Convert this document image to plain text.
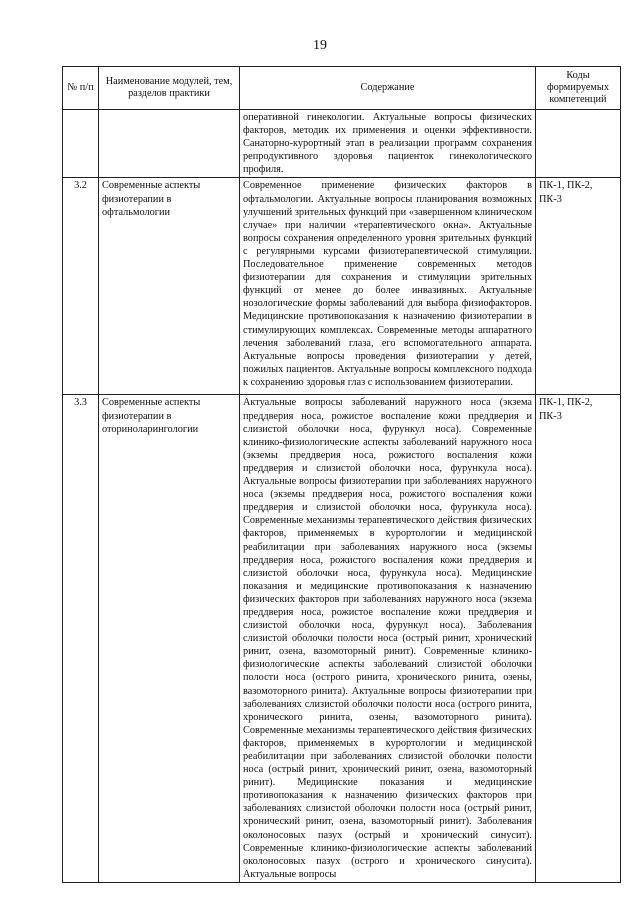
19
№ п/п	Наименование модулей, тем, разделов практики	Содержание	Коды формируемых компетенций
		оперативной гинекологии. Актуальные вопросы физических факторов, методик их применения и оценки эффективности. Санаторно-курортный этап в реализации программ сохранения репродуктивного здоровья пациенток гинекологического профиля.	
3.2	Современные аспекты физиотерапии в офтальмологии	Современное применение физических факторов в офтальмологии. Актуальные вопросы планирования возможных улучшений зрительных функций при «завершенном клиническом случае» при наличии «терапевтического окна». Актуальные вопросы сохранения определенного уровня зрительных функций с регулярными курсами физиотерапевтической стимуляции. Последовательное применение современных методов физиотерапии для сохранения и стимуляции зрительных функций от менее до более инвазивных. Актуальные нозологические формы заболеваний для выбора физиофакторов. Медицинские противопоказания к назначению физиотерапии в стимулирующих комплексах. Современные методы аппаратного лечения заболеваний глаза, его вспомогательного аппарата. Актуальные вопросы проведения физиотерапии у детей, пожилых пациентов. Актуальные вопросы комплексного подхода к сохранению здоровья глаз с использованием физиотерапии.	ПК-1, ПК-2, ПК-3
3.3	Современные аспекты физиотерапии в оториноларингологии	Актуальные вопросы заболеваний наружного носа (экзема преддверия носа, рожистое воспаление кожи преддверия и слизистой оболочки носа, фурункул носа). Современные клинико-физиологические аспекты заболеваний наружного носа (экземы преддверия носа, рожистого воспаления кожи преддверия и слизистой оболочки носа, фурункула носа). Актуальные вопросы физиотерапии при заболеваниях наружного носа (экземы преддверия носа, рожистого воспаления кожи преддверия и слизистой оболочки носа, фурункула носа). Современные механизмы терапевтического действия физических факторов, применяемых в курортологии и медицинской реабилитации при заболеваниях наружного носа (экземы преддверия носа, рожистого воспаления кожи преддверия и слизистой оболочки носа, фурункула носа). Медицинские показания и медицинские противопоказания к назначению физических факторов при заболеваниях наружного носа (экзема преддверия носа, рожистое воспаление кожи преддверия и слизистой оболочки носа, фурункул носа). Заболевания слизистой оболочки полости носа (острый ринит, хронический ринит, озена, вазомоторный ринит). Современные клинико-физиологические аспекты заболеваний слизистой оболочки полости носа (острого ринита, хронического ринита, озены, вазомоторного ринита). Актуальные вопросы физиотерапии при заболеваниях слизистой оболочки полости носа (острого ринита, хронического ринита, озены, вазомоторного ринита). Современные механизмы терапевтического действия физических факторов, применяемых в курортологии и медицинской реабилитации при заболеваниях слизистой оболочки полости носа (острый ринит, хронический ринит, озена, вазомоторный ринит). Медицинские показания и медицинские противопоказания к назначению физических факторов при заболеваниях слизистой оболочки полости носа (острый ринит, хронический ринит, озена, вазомоторный ринит). Заболевания околоносовых пазух (острый и хронический синусит). Современные клинико-физиологические аспекты заболеваний околоносовых пазух (острого и хронического синусита). Актуальные вопросы	ПК-1, ПК-2, ПК-3
